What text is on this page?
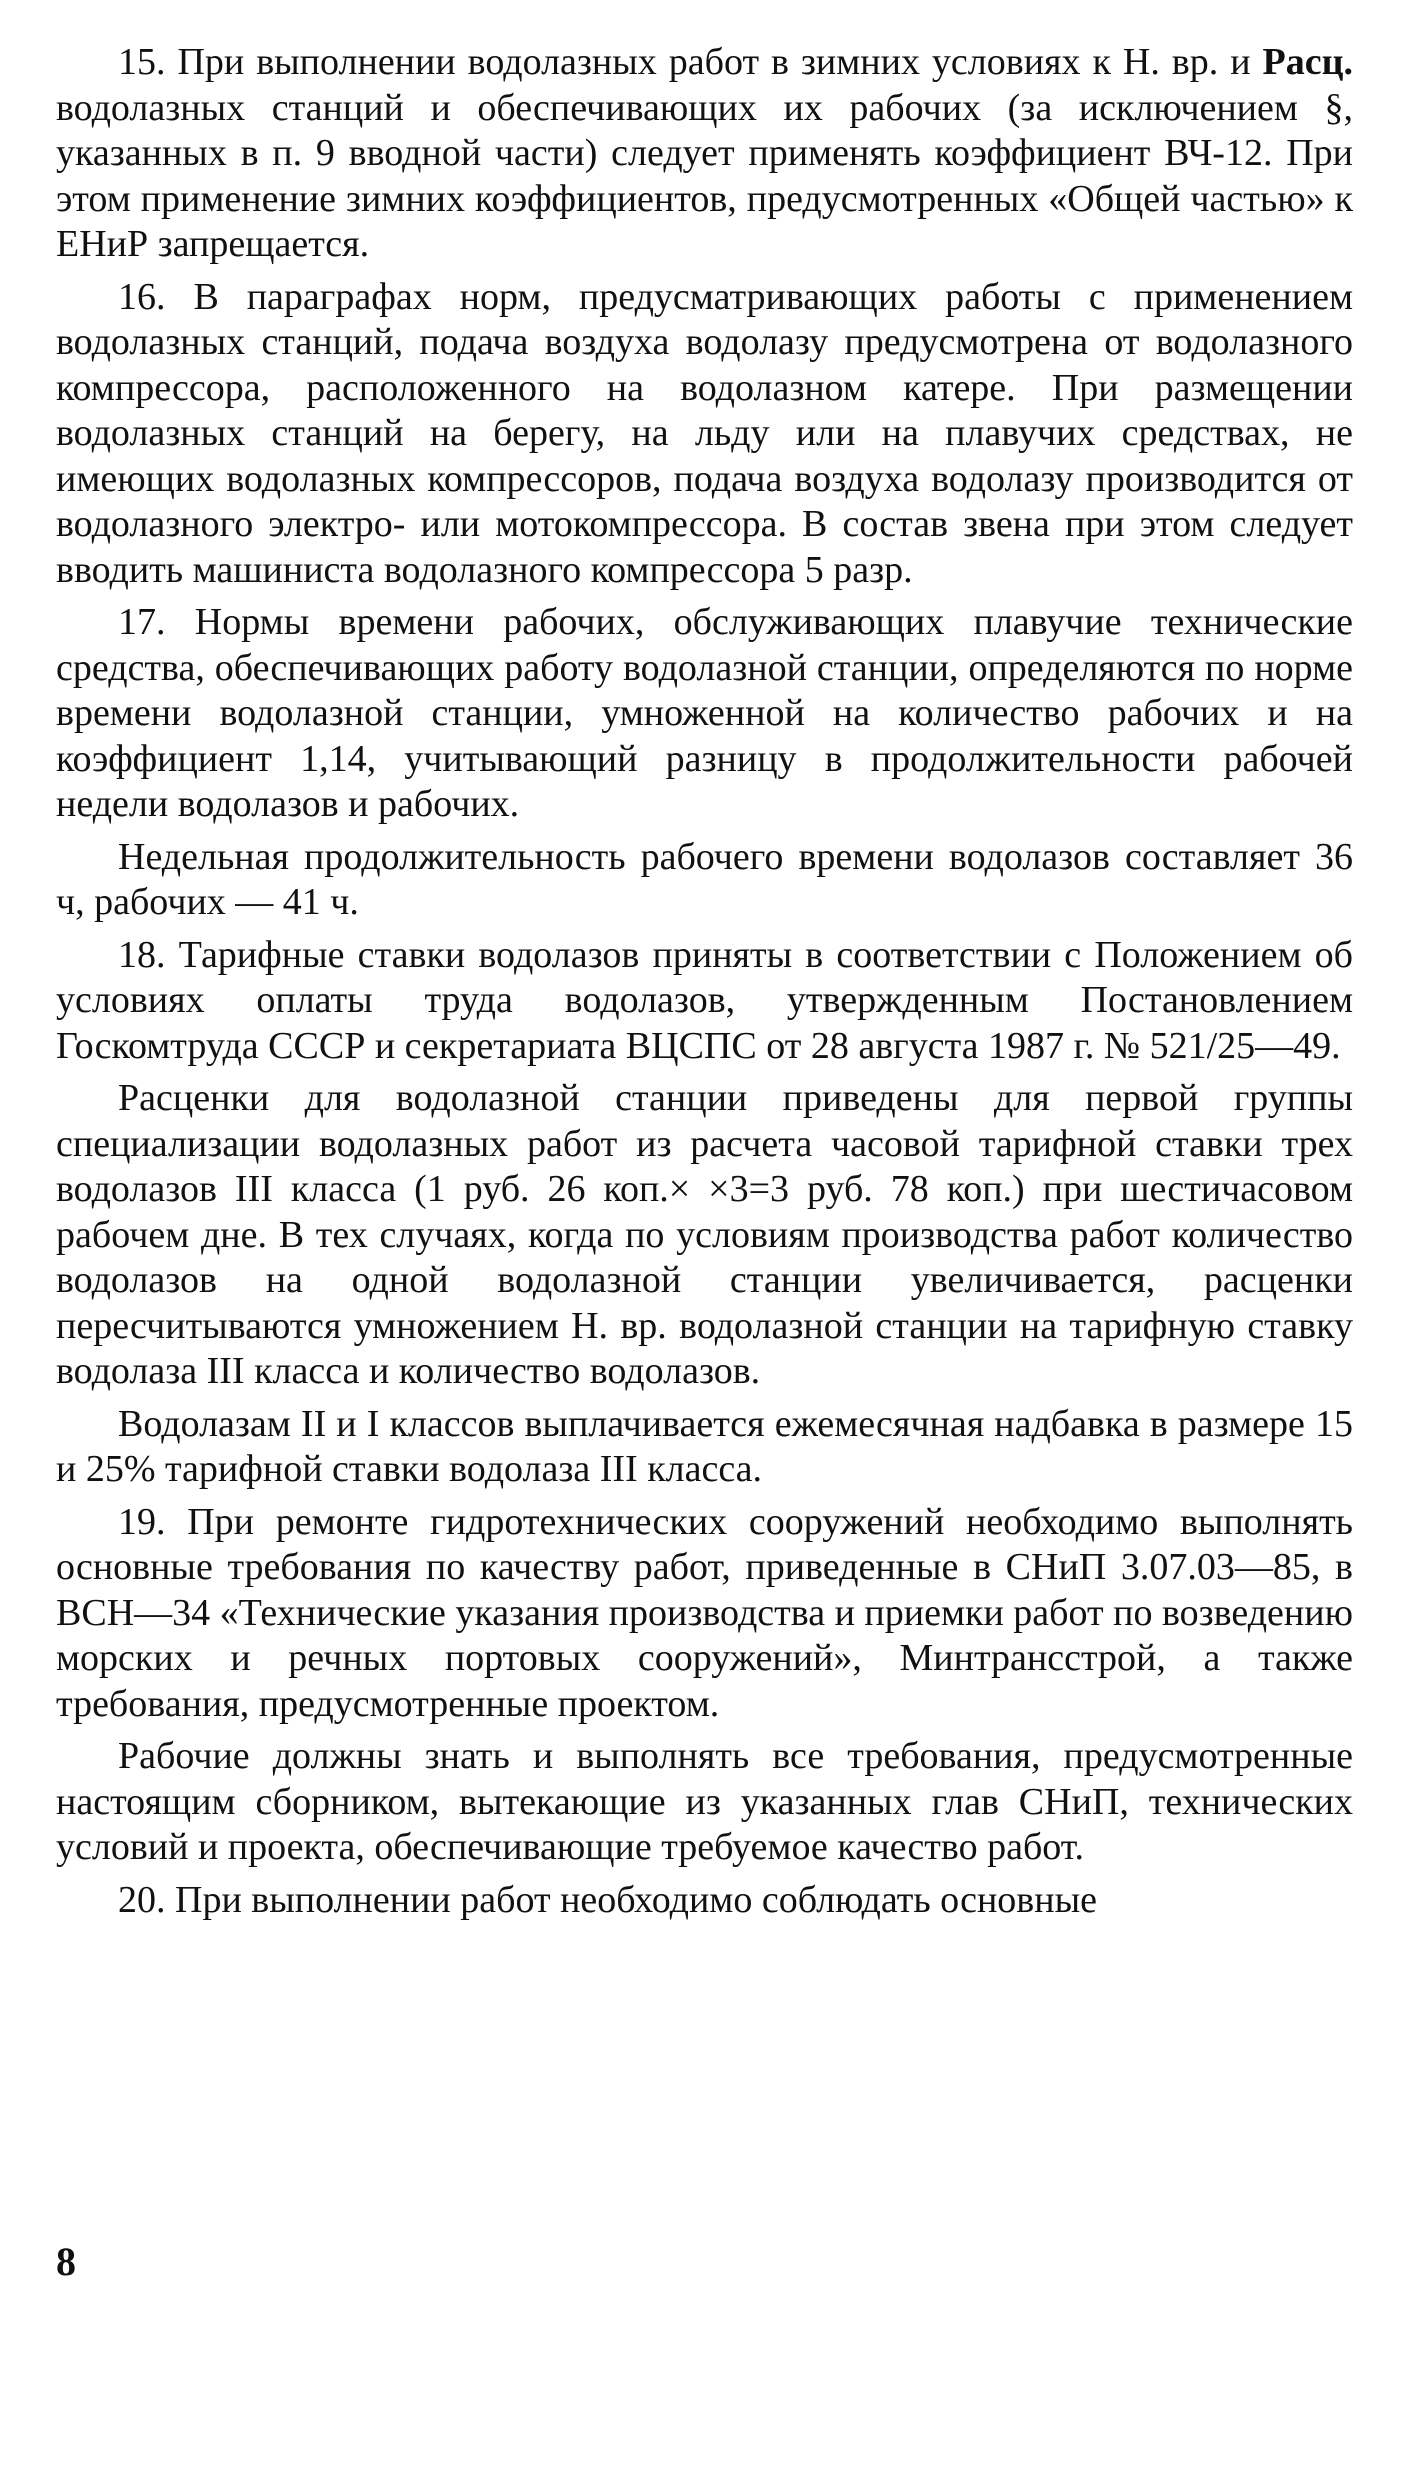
15. При выполнении водолазных работ в зимних условиях к Н. вр. и Расц. водолазных станций и обеспечивающих их рабочих (за исключением §, указанных в п. 9 вводной части) следует применять коэффициент ВЧ-12. При этом применение зимних коэффициентов, предусмотренных «Общей частью» к ЕНиР запрещается.

16. В параграфах норм, предусматривающих работы с применением водолазных станций, подача воздуха водолазу предусмотрена от водолазного компрессора, расположенного на водолазном катере. При размещении водолазных станций на берегу, на льду или на плавучих средствах, не имеющих водолазных компрессоров, подача воздуха водолазу производится от водолазного электро- или мотокомпрессора. В состав звена при этом следует вводить машиниста водолазного компрессора 5 разр.

17. Нормы времени рабочих, обслуживающих плавучие технические средства, обеспечивающих работу водолазной станции, определяются по норме времени водолазной станции, умноженной на количество рабочих и на коэффициент 1,14, учитывающий разницу в продолжительности рабочей недели водолазов и рабочих.

Недельная продолжительность рабочего времени водолазов составляет 36 ч, рабочих — 41 ч.

18. Тарифные ставки водолазов приняты в соответствии с Положением об условиях оплаты труда водолазов, утвержденным Постановлением Госкомтруда СССР и секретариата ВЦСПС от 28 августа 1987 г. № 521/25—49.

Расценки для водолазной станции приведены для первой группы специализации водолазных работ из расчета часовой тарифной ставки трех водолазов III класса (1 руб. 26 коп.× ×3=3 руб. 78 коп.) при шестичасовом рабочем дне. В тех случаях, когда по условиям производства работ количество водолазов на одной водолазной станции увеличивается, расценки пересчитываются умножением Н. вр. водолазной станции на тарифную ставку водолаза III класса и количество водолазов.

Водолазам II и I классов выплачивается ежемесячная надбавка в размере 15 и 25% тарифной ставки водолаза III класса.

19. При ремонте гидротехнических сооружений необходимо выполнять основные требования по качеству работ, приведенные в СНиП 3.07.03—85, в ВСН—34 «Технические указания производства и приемки работ по возведению морских и речных портовых сооружений», Минтрансстрой, а также требования, предусмотренные проектом.

Рабочие должны знать и выполнять все требования, предусмотренные настоящим сборником, вытекающие из указанных глав СНиП, технических условий и проекта, обеспечивающие требуемое качество работ.

20. При выполнении работ необходимо соблюдать основные

8
